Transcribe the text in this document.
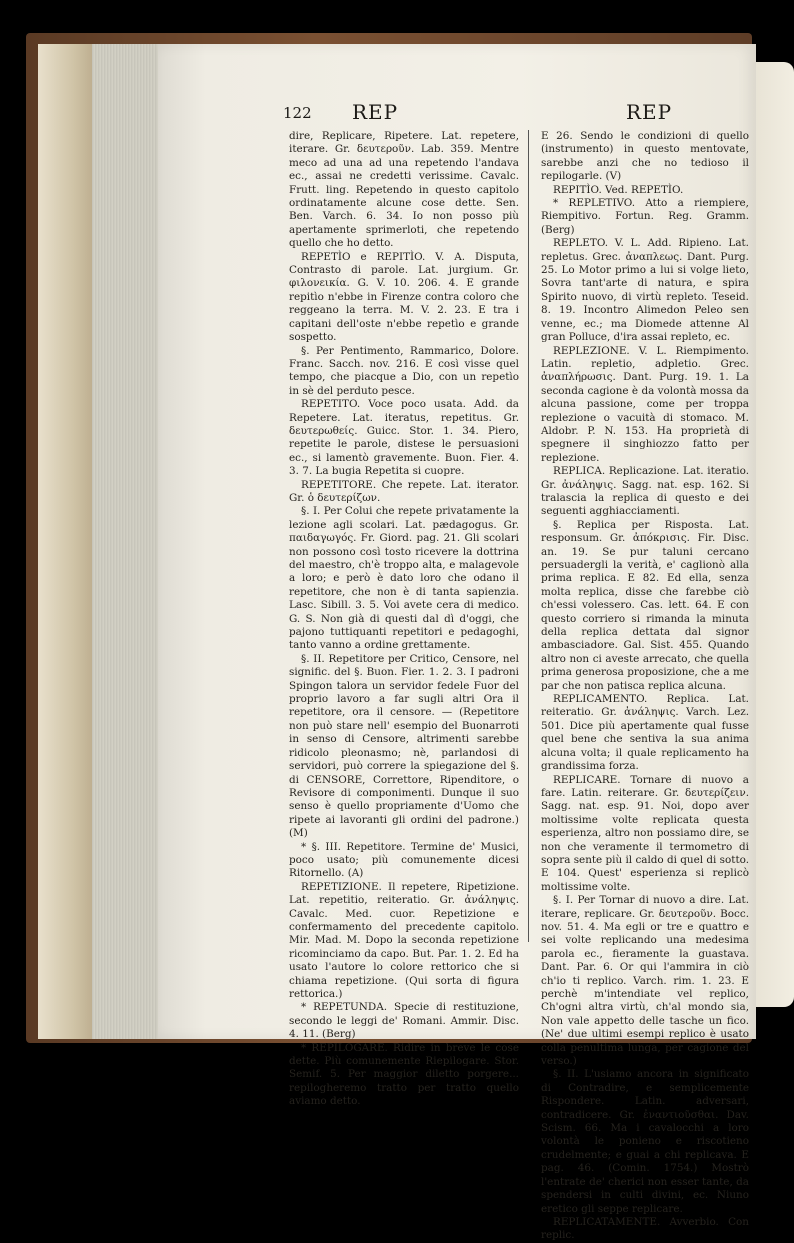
122 REP	REP

dire, Replicare, Ripetere. Lat. repetere, iterare. Gr. δευτερoῦν. Lab. 359. Mentre meco ad una ad una repetendo l'andava ec., assai ne credetti verissime. Cavalc. Frutt. ling. Repetendo in questo capitolo ordinatamente alcune cose dette. Sen. Ben. Varch. 6. 34. Io non posso più apertamente sprimerloti, che repetendo quello che ho detto.

REPETÌO e REPITÌO. V. A. Disputa, Contrasto di parole. Lat. jurgium. Gr. φιλονεικία. G. V. 10. 206. 4. E grande repitìo n'ebbe in Firenze contra coloro che reggeano la terra. M. V. 2. 23. E tra i capitani dell'oste n'ebbe repetìo e grande sospetto.

§. Per Pentimento, Rammarico, Dolore. Franc. Sacch. nov. 216. E così visse quel tempo, che piacque a Dio, con un repetìo in sè del perduto pesce.

REPETITO. Voce poco usata. Add. da Repetere. Lat. iteratus, repetitus. Gr. δευτερωθείς. Guicc. Stor. 1. 34. Piero, repetite le parole, distese le persuasioni ec., si lamentò gravemente. Buon. Fier. 4. 3. 7. La bugia Repetita si cuopre.

REPETITORE. Che repete. Lat. iterator. Gr. ὁ δευτερίζων.

§. I. Per Colui che repete privatamente la lezione agli scolari. Lat. pædagogus. Gr. παιδαγωγός. Fr. Giord. pag. 21. Gli scolari non possono così tosto ricevere la dottrina del maestro, ch'è troppo alta, e malagevole a loro; e però è dato loro che odano il repetitore, che non è di tanta sapienzia. Lasc. Sibill. 3. 5. Voi avete cera di medico. G. S. Non già di questi dal dì d'oggi, che pajono tuttiquanti repetitori e pedagoghi, tanto vanno a ordine grettamente.

§. II. Repetitore per Critico, Censore, nel signific. del §. Buon. Fier. 1. 2. 3. I padroni Spingon talora un servidor fedele Fuor del proprio lavoro a far sugli altri Ora il repetitore, ora il censore. — (Repetitore non può stare nell' esempio del Buonarroti in senso di Censore, altrimenti sarebbe ridicolo pleonasmo; nè, parlandosi di servidori, può correre la spiegazione del §. di CENSORE, Correttore, Ripenditore, o Revisore di componimenti. Dunque il suo senso è quello propriamente d'Uomo che ripete ai lavoranti gli ordini del padrone.) (M)

* §. III. Repetitore. Termine de' Musici, poco usato; più comunemente dicesi Ritornello. (A)

REPETIZIONE. Il repetere, Ripetizione. Lat. repetitio, reiteratio. Gr. ἀνάληψις. Cavalc. Med. cuor. Repetizione e confermamento del precedente capitolo. Mir. Mad. M. Dopo la seconda repetizione ricominciamo da capo. But. Par. 1. 2. Ed ha usato l'autore lo colore rettorico che si chiama repetizione. (Qui sorta di figura rettorica.)

* REPETUNDA. Specie di restituzione, secondo le leggi de' Romani. Ammir. Disc. 4. 11. (Berg)

* REPILOGARE. Ridire in breve le cose dette. Più comunemente Riepilogare. Stor. Semif. 5. Per maggior diletto porgere... repilogheremo tratto per tratto quello aviamo detto.

E 26. Sendo le condizioni di quello (instrumento) in questo mentovate, sarebbe anzi che no tedioso il repilogarle. (V)

REPITÌO. Ved. REPETÌO.

* REPLETIVO. Atto a riempiere, Riempitivo. Fortun. Reg. Gramm. (Berg)

REPLETO. V. L. Add. Ripieno. Lat. repletus. Grec. ἀναπλεως. Dant. Purg. 25. Lo Motor primo a lui si volge lieto, Sovra tant'arte di natura, e spira Spirito nuovo, di virtù repleto. Teseid. 8. 19. Incontro Alimedon Peleo sen venne, ec.; ma Diomede attenne Al gran Polluce, d'ira assai repleto, ec.

REPLEZIONE. V. L. Riempimento. Latin. repletio, adpletio. Grec. ἀναπλήρωσις. Dant. Purg. 19. 1. La seconda cagione è da volontà mossa da alcuna passione, come per troppa replezione o vacuità di stomaco. M. Aldobr. P. N. 153. Ha proprietà di spegnere il singhiozzo fatto per replezione.

REPLICA. Replicazione. Lat. iteratio. Gr. ἀνάληψις. Sagg. nat. esp. 162. Si tralascia la replica di questo e dei seguenti agghiacciamenti.

§. Replica per Risposta. Lat. responsum. Gr. ἀπόκρισις. Fir. Disc. an. 19. Se pur taluni cercano persuadergli la verità, e' caglionò alla prima replica. E 82. Ed ella, senza molta replica, disse che farebbe ciò ch'essi volessero. Cas. lett. 64. E con questo corriero si rimanda la minuta della replica dettata dal signor ambasciadore. Gal. Sist. 455. Quando altro non ci aveste arrecato, che quella prima generosa proposizione, che a me par che non patisca replica alcuna.

REPLICAMENTO. Replica. Lat. reiteratio. Gr. ἀνάληψις. Varch. Lez. 501. Dice più apertamente qual fusse quel bene che sentiva la sua anima alcuna volta; il quale replicamento ha grandissima forza.

REPLICARE. Tornare di nuovo a fare. Latin. reiterare. Gr. δευτερίζειν. Sagg. nat. esp. 91. Noi, dopo aver moltissime volte replicata questa esperienza, altro non possiamo dire, se non che veramente il termometro di sopra sente più il caldo di quel di sotto. E 104. Quest' esperienza si replicò moltissime volte.

§. I. Per Tornar di nuovo a dire. Lat. iterare, replicare. Gr. δευτεροῦν. Bocc. nov. 51. 4. Ma egli or tre e quattro e sei volte replicando una medesima parola ec., fieramente la guastava. Dant. Par. 6. Or qui l'ammira in ciò ch'io ti replico. Varch. rim. 1. 23. E perchè m'intendiate vel replico, Ch'ogni altra virtù, ch'al mondo sia, Non vale appetto delle tasche un fico. (Ne' due ultimi esempi replico è usato colla penultima lunga, per cagione del verso.)

§. II. L'usiamo ancora in significato di Contradire, e semplicemente Rispondere. Latin. adversari, contradicere. Gr. ἐναντιοῦσθαι. Dav. Scism. 66. Ma i cavalocchi a loro volontà le ponieno e riscotieno crudelmente; e guai a chi replicava. E pag. 46. (Comin. 1754.) Mostrò l'entrate de' cherici non esser tante, da spendersi in culti divini, ec. Niuno eretico gli seppe replicare.

REPLICATAMENTE. Avverbio. Con replic.
